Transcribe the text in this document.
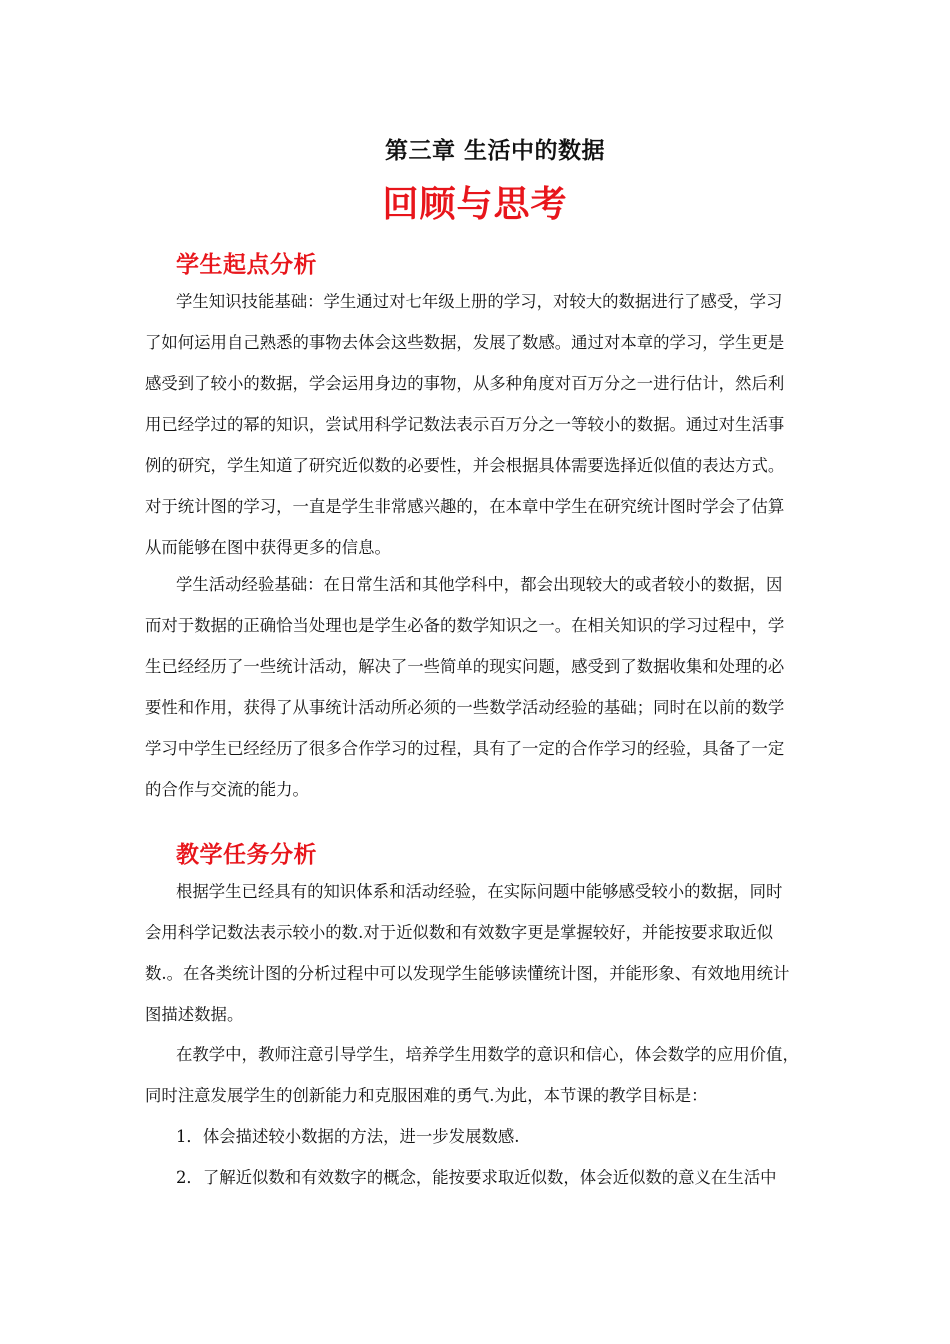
第三章 生活中的数据
回顾与思考
学生起点分析
学生知识技能基础：学生通过对七年级上册的学习，对较大的数据进行了感受，学习
了如何运用自己熟悉的事物去体会这些数据，发展了数感。通过对本章的学习，学生更是
感受到了较小的数据，学会运用身边的事物，从多种角度对百万分之一进行估计，然后利
用已经学过的幂的知识，尝试用科学记数法表示百万分之一等较小的数据。通过对生活事
例的研究，学生知道了研究近似数的必要性，并会根据具体需要选择近似值的表达方式。
对于统计图的学习，一直是学生非常感兴趣的，在本章中学生在研究统计图时学会了估算
从而能够在图中获得更多的信息。
学生活动经验基础：在日常生活和其他学科中，都会出现较大的或者较小的数据，因
而对于数据的正确恰当处理也是学生必备的数学知识之一。在相关知识的学习过程中，学
生已经经历了一些统计活动，解决了一些简单的现实问题，感受到了数据收集和处理的必
要性和作用，获得了从事统计活动所必须的一些数学活动经验的基础；同时在以前的数学
学习中学生已经经历了很多合作学习的过程，具有了一定的合作学习的经验，具备了一定
的合作与交流的能力。
教学任务分析
根据学生已经具有的知识体系和活动经验，在实际问题中能够感受较小的数据，同时
会用科学记数法表示较小的数.对于近似数和有效数字更是掌握较好，并能按要求取近似
数.。在各类统计图的分析过程中可以发现学生能够读懂统计图，并能形象、有效地用统计
图描述数据。
在教学中，教师注意引导学生，培养学生用数学的意识和信心，体会数学的应用价值，
同时注意发展学生的创新能力和克服困难的勇气.为此，本节课的教学目标是：
1．体会描述较小数据的方法，进一步发展数感.
2．了解近似数和有效数字的概念，能按要求取近似数，体会近似数的意义在生活中
